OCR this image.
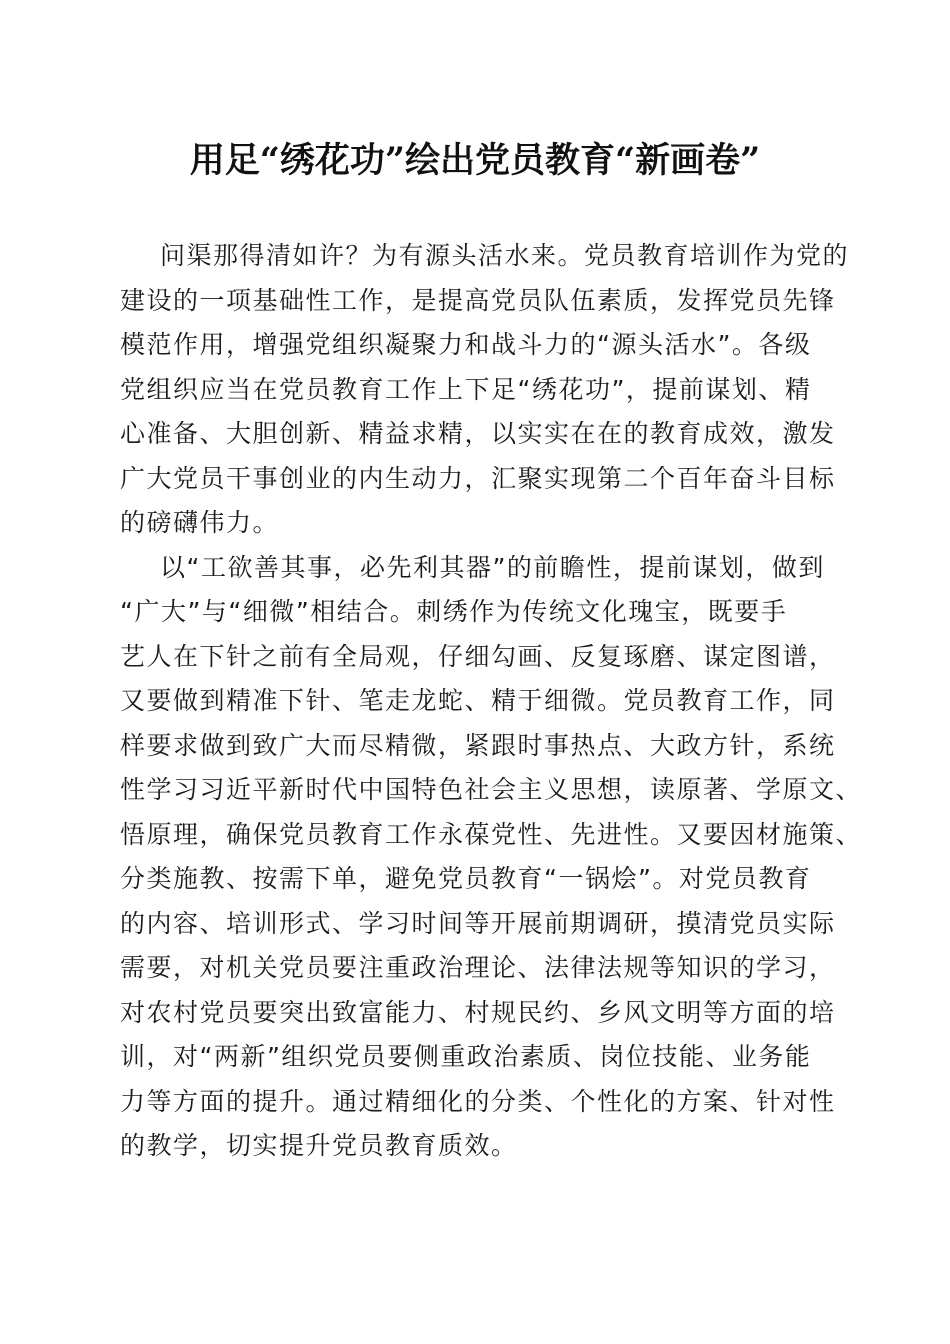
用足“绣花功”绘出党员教育“新画卷”

问渠那得清如许？为有源头活水来。党员教育培训作为党的
建设的一项基础性工作，是提高党员队伍素质，发挥党员先锋
模范作用，增强党组织凝聚力和战斗力的“源头活水”。各级
党组织应当在党员教育工作上下足“绣花功”，提前谋划、精
心准备、大胆创新、精益求精，以实实在在的教育成效，激发
广大党员干事创业的内生动力，汇聚实现第二个百年奋斗目标
的磅礴伟力。

以“工欲善其事，必先利其器”的前瞻性，提前谋划，做到
“广大”与“细微”相结合。刺绣作为传统文化瑰宝，既要手
艺人在下针之前有全局观，仔细勾画、反复琢磨、谋定图谱，
又要做到精准下针、笔走龙蛇、精于细微。党员教育工作，同
样要求做到致广大而尽精微，紧跟时事热点、大政方针，系统
性学习习近平新时代中国特色社会主义思想，读原著、学原文、
悟原理，确保党员教育工作永葆党性、先进性。又要因材施策、
分类施教、按需下单，避免党员教育“一锅烩”。对党员教育
的内容、培训形式、学习时间等开展前期调研，摸清党员实际
需要，对机关党员要注重政治理论、法律法规等知识的学习，
对农村党员要突出致富能力、村规民约、乡风文明等方面的培
训，对“两新”组织党员要侧重政治素质、岗位技能、业务能
力等方面的提升。通过精细化的分类、个性化的方案、针对性
的教学，切实提升党员教育质效。
